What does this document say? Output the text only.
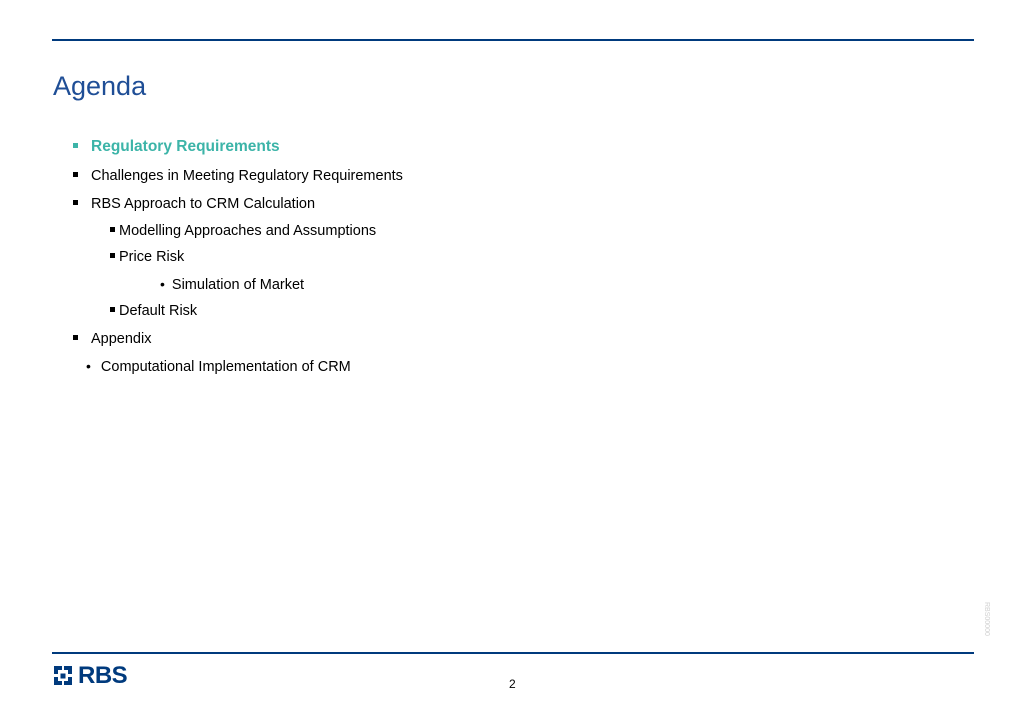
Agenda
Regulatory Requirements
Challenges in Meeting Regulatory Requirements
RBS Approach to CRM Calculation
Modelling Approaches and Assumptions
Price Risk
• Simulation of Market
Default Risk
Appendix
• Computational Implementation of CRM
RBS00000
RBS	2
